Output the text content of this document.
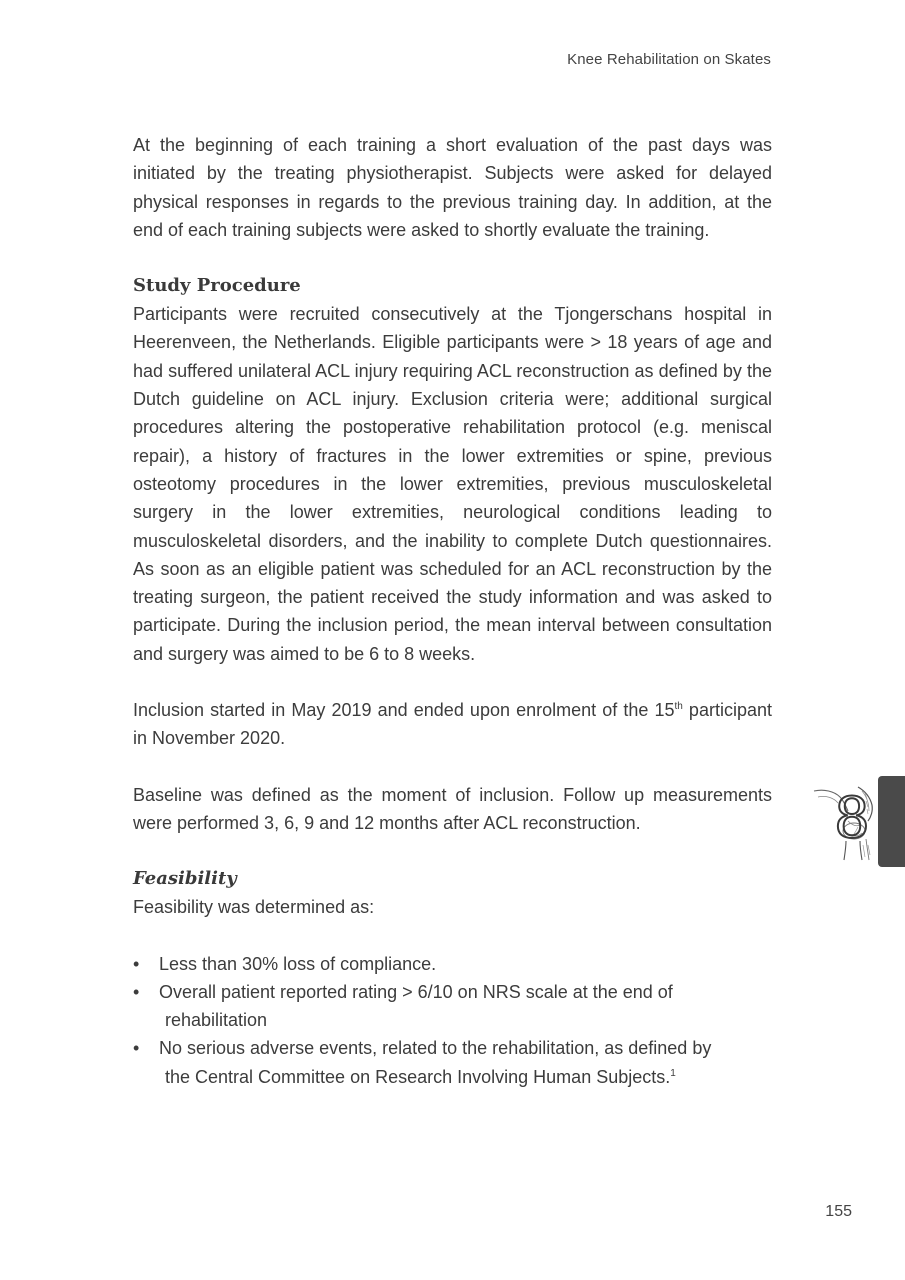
Knee Rehabilitation on Skates

At the beginning of each training a short evaluation of the past days was initiated by the treating physiotherapist. Subjects were asked for delayed physical responses in regards to the previous training day. In addition, at the end of each training subjects were asked to shortly evaluate the training.

Study Procedure

Participants were recruited consecutively at the Tjongerschans hospital in Heerenveen, the Netherlands. Eligible participants were > 18 years of age and had suffered unilateral ACL injury requiring ACL reconstruction as defined by the Dutch guideline on ACL injury. Exclusion criteria were; additional surgical procedures altering the postoperative rehabilitation protocol (e.g. meniscal repair), a history of fractures in the lower extremities or spine, previous osteotomy procedures in the lower extremities, previous musculoskeletal surgery in the lower extremities, neurological conditions leading to musculoskeletal disorders, and the inability to complete Dutch questionnaires. As soon as an eligible patient was scheduled for an ACL reconstruction by the treating surgeon, the patient received the study information and was asked to participate. During the inclusion period, the mean interval between consultation and surgery was aimed to be 6 to 8 weeks.

Inclusion started in May 2019 and ended upon enrolment of the 15th participant in November 2020.

Baseline was defined as the moment of inclusion. Follow up measurements were performed 3, 6, 9 and 12 months after ACL reconstruction.

Feasibility

Feasibility was determined as:

• Less than 30% loss of compliance.
• Overall patient reported rating > 6/10 on NRS scale at the end of
rehabilitation
• No serious adverse events, related to the rehabilitation, as defined by
the Central Committee on Research Involving Human Subjects.$^1$
8
155
